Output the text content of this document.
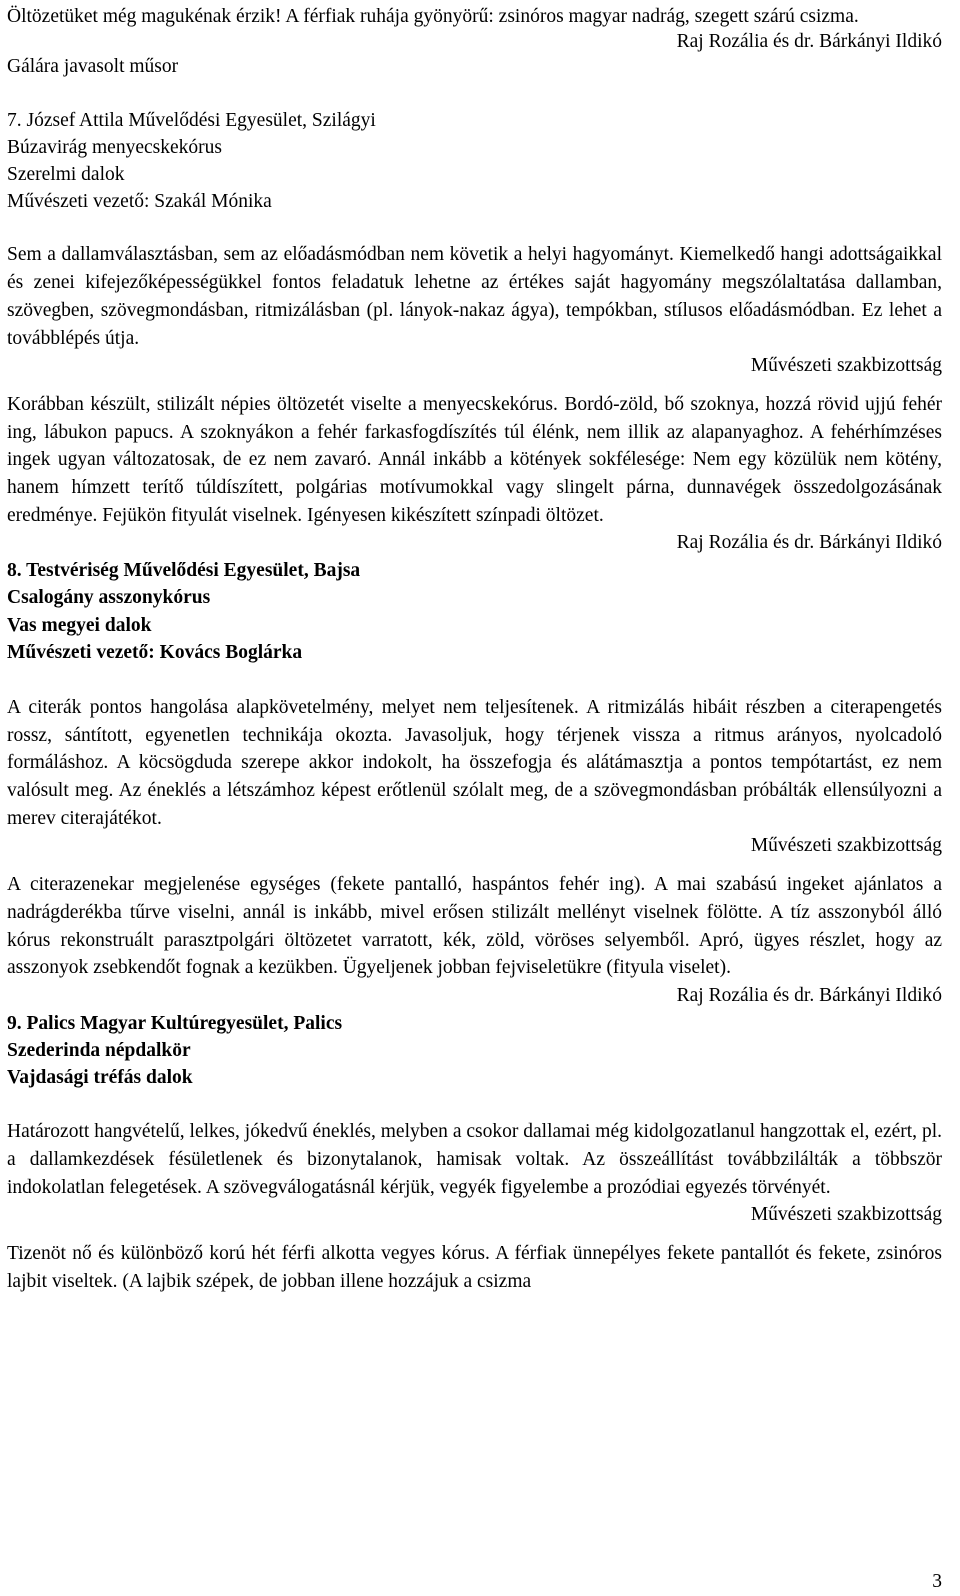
Öltözetüket még magukénak érzik! A férfiak ruhája gyönyörű: zsinóros magyar nadrág, szegett szárú csizma.

Raj Rozália és dr. Bárkányi Ildikó

Gálára javasolt műsor

7. József Attila Művelődési Egyesület, Szilágyi

Búzavirág menyecskekórus

Szerelmi dalok

Művészeti vezető: Szakál Mónika

Sem a dallamválasztásban, sem az előadásmódban nem követik a helyi hagyományt. Kiemelkedő hangi adottságaikkal és zenei kifejezőképességükkel fontos feladatuk lehetne az értékes saját hagyomány megszólaltatása dallamban, szövegben, szövegmondásban, ritmizálásban (pl. lányok-nakaz ágya), tempókban, stílusos előadásmódban. Ez lehet a továbblépés útja.

Művészeti szakbizottság

Korábban készült, stilizált népies öltözetét viselte a menyecskekórus. Bordó-zöld, bő szoknya, hozzá rövid ujjú fehér ing, lábukon papucs. A szoknyákon a fehér farkasfogdíszítés túl élénk, nem illik az alapanyaghoz. A fehérhímzéses ingek ugyan változatosak, de ez nem zavaró. Annál inkább a kötények sokfélesége: Nem egy közülük nem kötény, hanem hímzett terítő túldíszített, polgárias motívumokkal vagy slingelt párna, dunnavégek összedolgozásának eredménye. Fejükön fityulát viselnek. Igényesen kikészített színpadi öltözet.

Raj Rozália és dr. Bárkányi Ildikó

8. Testvériség Művelődési Egyesület, Bajsa

Csalogány asszonykórus

Vas megyei dalok

Művészeti vezető: Kovács Boglárka

A citerák pontos hangolása alapkövetelmény, melyet nem teljesítenek. A ritmizálás hibáit részben a citerapengetés rossz, sántított, egyenetlen technikája okozta. Javasoljuk, hogy térjenek vissza a ritmus arányos, nyolcadoló formáláshoz. A köcsögduda szerepe akkor indokolt, ha összefogja és alátámasztja a pontos tempótartást, ez nem valósult meg. Az éneklés a létszámhoz képest erőtlenül szólalt meg, de a szövegmondásban próbálták ellensúlyozni a merev citerajátékot.

Művészeti szakbizottság

A citerazenekar megjelenése egységes (fekete pantalló, haspántos fehér ing). A mai szabású ingeket ajánlatos a nadrágderékba tűrve viselni, annál is inkább, mivel erősen stilizált mellényt viselnek fölötte. A tíz asszonyból álló kórus rekonstruált parasztpolgári öltözetet varratott, kék, zöld, vöröses selyemből. Apró, ügyes részlet, hogy az asszonyok zsebkendőt fognak a kezükben. Ügyeljenek jobban fejviseletükre (fityula viselet).

Raj Rozália és dr. Bárkányi Ildikó

9. Palics Magyar Kultúregyesület, Palics

Szederinda népdalkör

Vajdasági tréfás dalok

Határozott hangvételű, lelkes, jókedvű éneklés, melyben a csokor dallamai még kidolgozatlanul hangzottak el, ezért, pl. a dallamkezdések fésületlenek és bizonytalanok, hamisak voltak. Az összeállítást továbbzilálták a többször indokolatlan felegetések. A szövegválogatásnál kérjük, vegyék figyelembe a prozódiai egyezés törvényét.

Művészeti szakbizottság

Tizenöt nő és különböző korú hét férfi alkotta vegyes kórus. A férfiak ünnepélyes fekete pantallót és fekete, zsinóros lajbit viseltek. (A lajbik szépek, de jobban illene hozzájuk a csizma

3
